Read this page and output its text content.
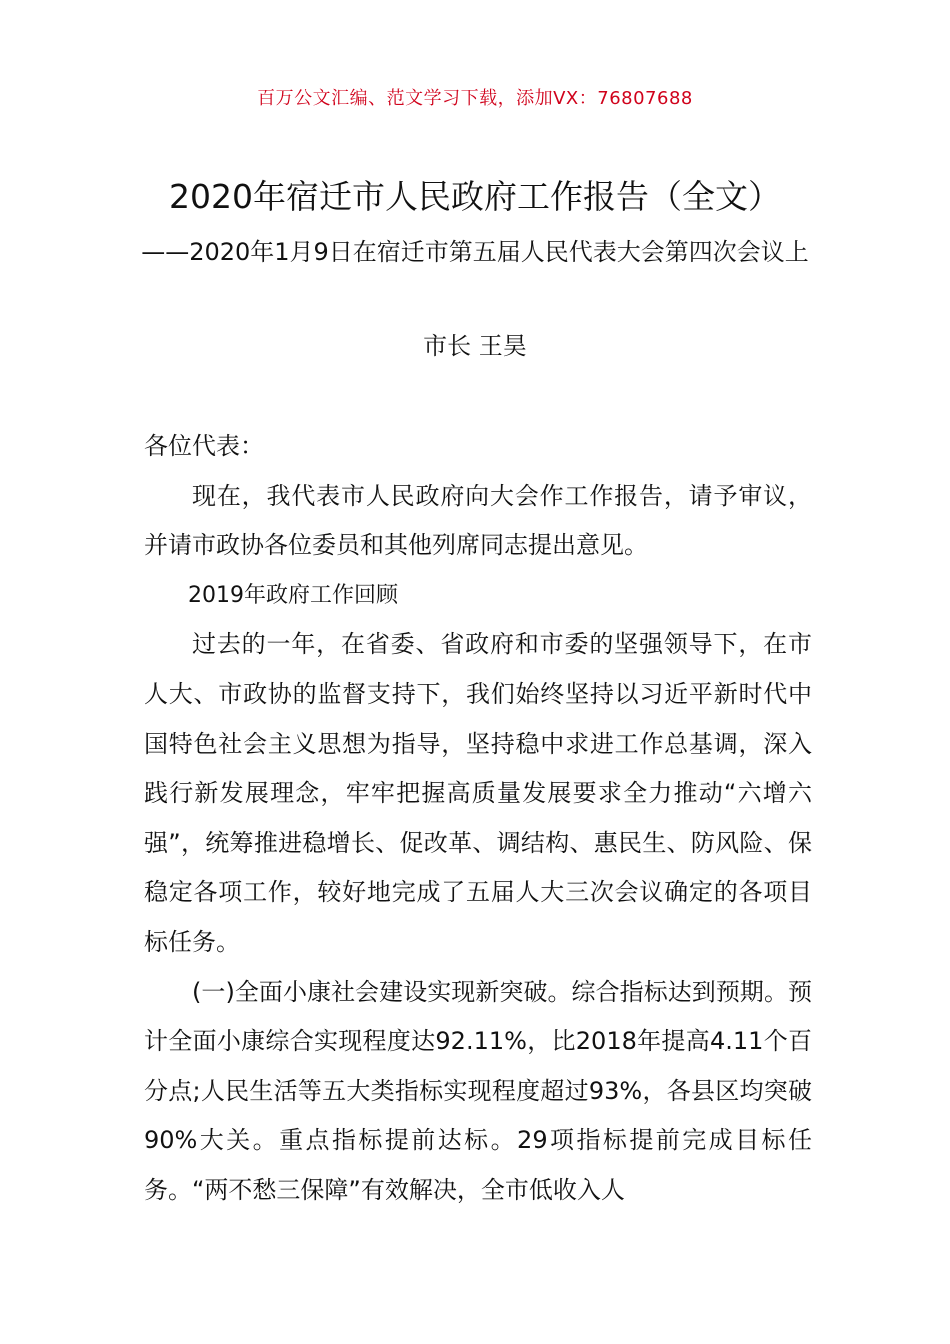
百万公文汇编、范文学习下载，添加VX：76807688
2020年宿迁市人民政府工作报告（全文）
——2020年1月9日在宿迁市第五届人民代表大会第四次会议上
市长 王昊

各位代表：

现在，我代表市人民政府向大会作工作报告，请予审议，并请市政协各位委员和其他列席同志提出意见。

2019年政府工作回顾

过去的一年，在省委、省政府和市委的坚强领导下，在市人大、市政协的监督支持下，我们始终坚持以习近平新时代中国特色社会主义思想为指导，坚持稳中求进工作总基调，深入践行新发展理念，牢牢把握高质量发展要求全力推动“六增六强”，统筹推进稳增长、促改革、调结构、惠民生、防风险、保稳定各项工作，较好地完成了五届人大三次会议确定的各项目标任务。

(一)全面小康社会建设实现新突破。综合指标达到预期。预计全面小康综合实现程度达92.11%，比2018年提高4.11个百分点;人民生活等五大类指标实现程度超过93%，各县区均突破90%大关。重点指标提前达标。29项指标提前完成目标任务。“两不愁三保障”有效解决，全市低收入人
